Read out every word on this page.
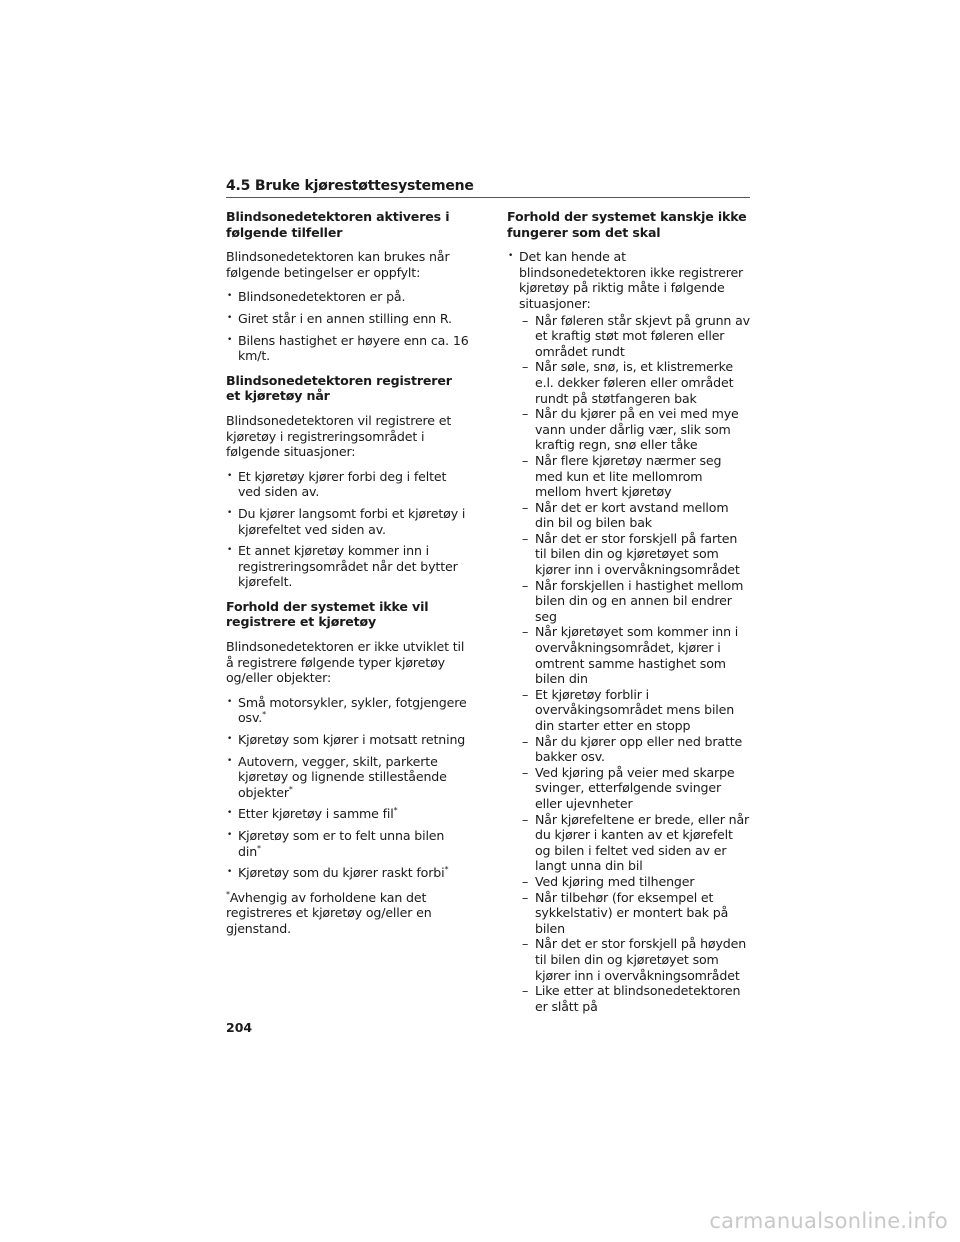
4.5 Bruke kjørestøttesystemene
Blindsonedetektoren aktiveres i følgende tilfeller

Blindsonedetektoren kan brukes når følgende betingelser er oppfylt:

• Blindsonedetektoren er på.
• Giret står i en annen stilling enn R.
• Bilens hastighet er høyere enn ca. 16 km/t.
Blindsonedetektoren registrerer et kjøretøy når

Blindsonedetektoren vil registrere et kjøretøy i registreringsområdet i følgende situasjoner:

• Et kjøretøy kjører forbi deg i feltet ved siden av.
• Du kjører langsomt forbi et kjøretøy i kjørefeltet ved siden av.
• Et annet kjøretøy kommer inn i registreringsområdet når det bytter kjørefelt.
Forhold der systemet ikke vil registrere et kjøretøy

Blindsonedetektoren er ikke utviklet til å registrere følgende typer kjøretøy og/eller objekter:

• Små motorsykler, sykler, fotgjengere osv.*
• Kjøretøy som kjører i motsatt retning
• Autovern, vegger, skilt, parkerte kjøretøy og lignende stillestående objekter*
• Etter kjøretøy i samme fil*
• Kjøretøy som er to felt unna bilen din*
• Kjøretøy som du kjører raskt forbi*

*Avhengig av forholdene kan det registreres et kjøretøy og/eller en gjenstand.

Forhold der systemet kanskje ikke fungerer som det skal
• Det kan hende at blindsonedetektoren ikke registrerer kjøretøy på riktig måte i følgende situasjoner:
– Når føleren står skjevt på grunn av et kraftig støt mot føleren eller området rundt
– Når søle, snø, is, et klistremerke e.l. dekker føleren eller området rundt på støtfangeren bak
– Når du kjører på en vei med mye vann under dårlig vær, slik som kraftig regn, snø eller tåke
– Når flere kjøretøy nærmer seg med kun et lite mellomrom mellom hvert kjøretøy
– Når det er kort avstand mellom din bil og bilen bak
– Når det er stor forskjell på farten til bilen din og kjøretøyet som kjører inn i overvåkningsområdet
– Når forskjellen i hastighet mellom bilen din og en annen bil endrer seg
– Når kjøretøyet som kommer inn i overvåkningsområdet, kjører i omtrent samme hastighet som bilen din
– Et kjøretøy forblir i overvåkingsområdet mens bilen din starter etter en stopp
– Når du kjører opp eller ned bratte bakker osv.
– Ved kjøring på veier med skarpe svinger, etterfølgende svinger eller ujevnheter
– Når kjørefeltene er brede, eller når du kjører i kanten av et kjørefelt og bilen i feltet ved siden av er langt unna din bil
– Ved kjøring med tilhenger
– Når tilbehør (for eksempel et sykkelstativ) er montert bak på bilen
– Når det er stor forskjell på høyden til bilen din og kjøretøyet som kjører inn i overvåkningsområdet
– Like etter at blindsonedetektoren er slått på
204
carmanualsonline.info
